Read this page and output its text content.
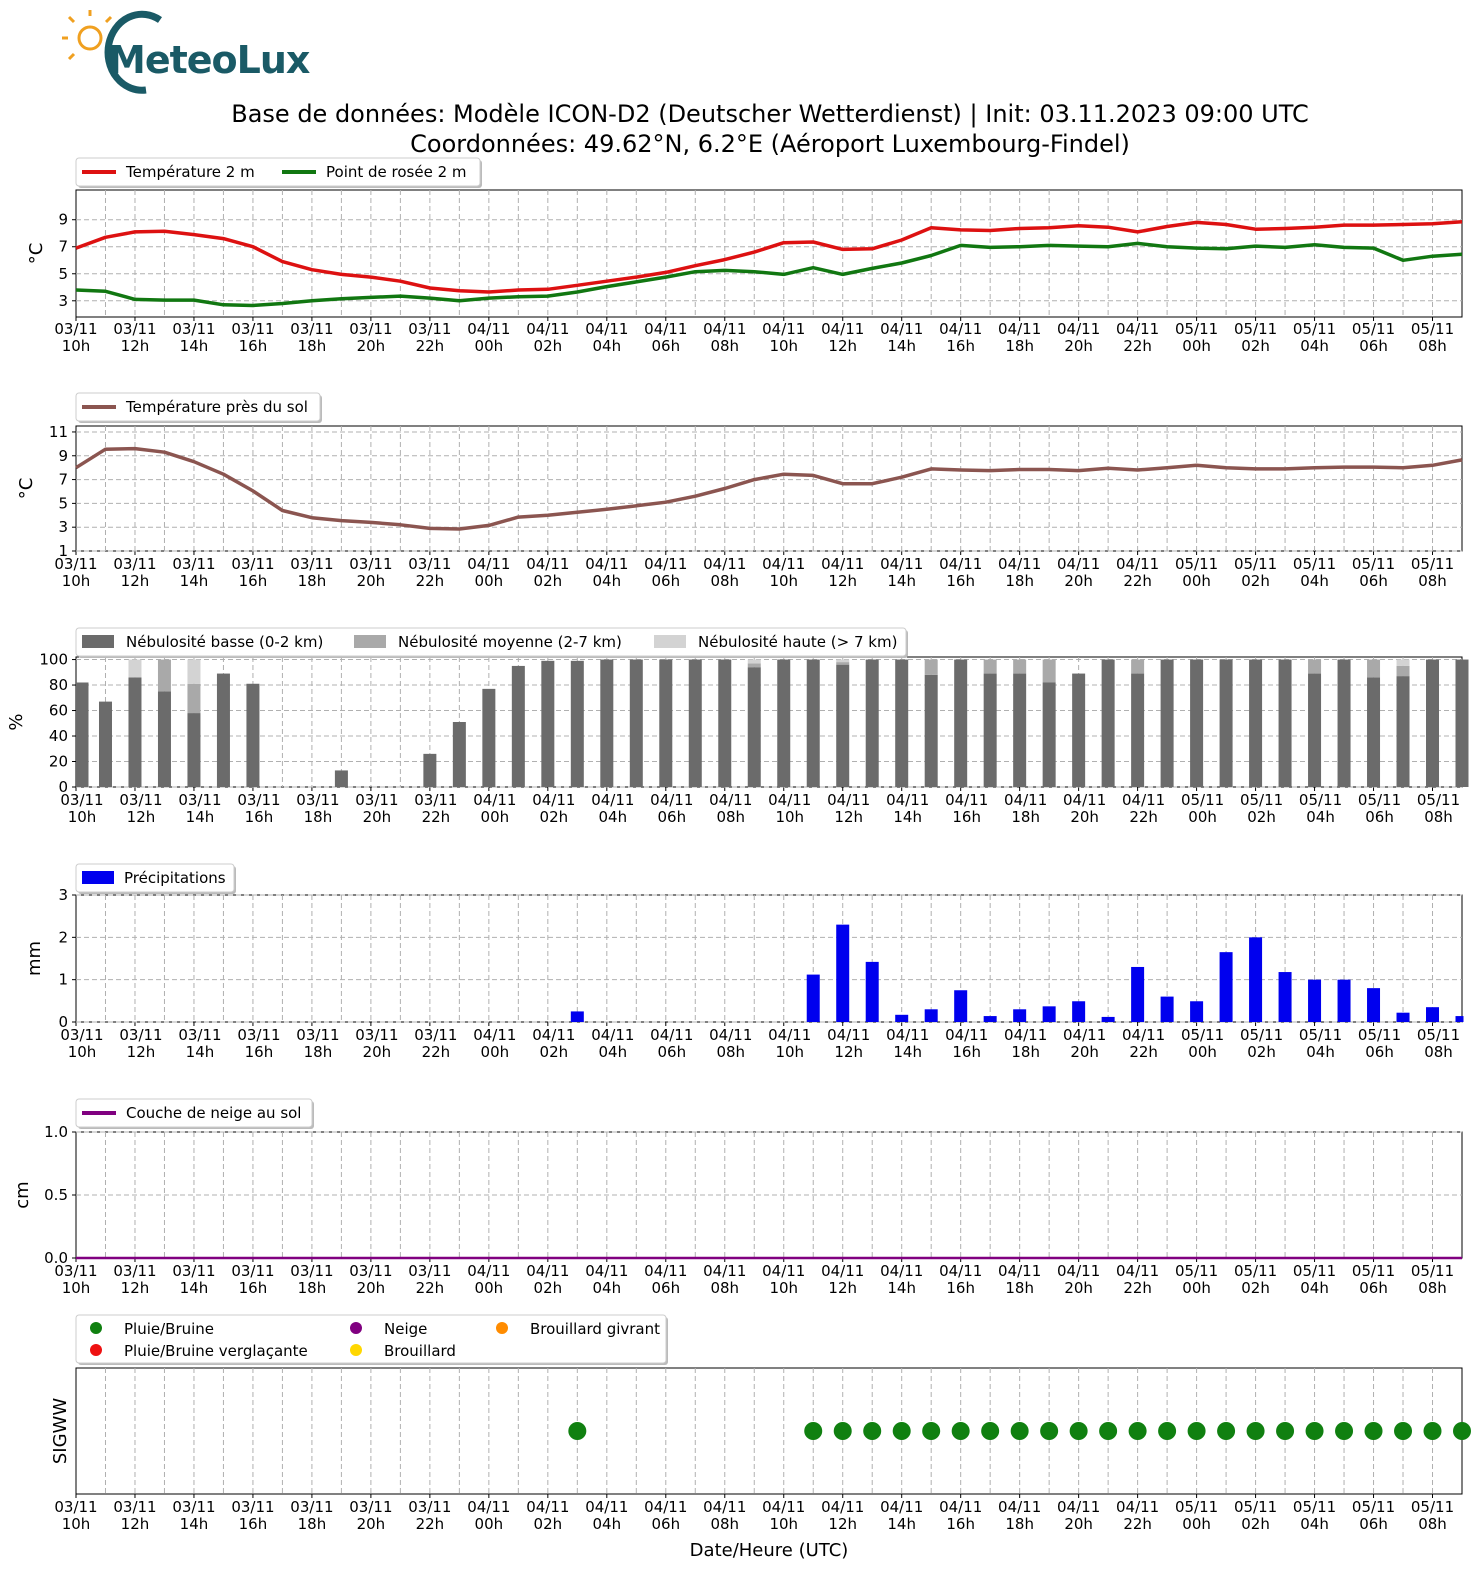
MeteoLux
Base de données: Modèle ICON-D2 (Deutscher Wetterdienst) | Init: 03.11.2023 09:00 UTC
Coordonnées: 49.62°N, 6.2°E (Aéroport Luxembourg-Findel)
03/11 10h
03/11 12h
03/11 14h
03/11 16h
03/11 18h
03/11 20h
03/11 22h
04/11 00h
04/11 02h
04/11 04h
04/11 06h
04/11 08h
04/11 10h
04/11 12h
04/11 14h
04/11 16h
04/11 18h
04/11 20h
04/11 22h
05/11 00h
05/11 02h
05/11 04h
05/11 06h
05/11 08h
3
5
7
9
°C
Température 2 m	Point de rosée 2 m
03/11 10h
03/11 12h
03/11 14h
03/11 16h
03/11 18h
03/11 20h
03/11 22h
04/11 00h
04/11 02h
04/11 04h
04/11 06h
04/11 08h
04/11 10h
04/11 12h
04/11 14h
04/11 16h
04/11 18h
04/11 20h
04/11 22h
05/11 00h
05/11 02h
05/11 04h
05/11 06h
05/11 08h
1
3
5
7
9
11
°C
Température près du sol
03/11 10h
03/11 12h
03/11 14h
03/11 16h
03/11 18h
03/11 20h
03/11 22h
04/11 00h
04/11 02h
04/11 04h
04/11 06h
04/11 08h
04/11 10h
04/11 12h
04/11 14h
04/11 16h
04/11 18h
04/11 20h
04/11 22h
05/11 00h
05/11 02h
05/11 04h
05/11 06h
05/11 08h
0.0
0.5
1.0
cm
Couche de neige au sol
03/11 10h
03/11 12h
03/11 14h
03/11 16h
03/11 18h
03/11 20h
03/11 22h
04/11 00h
04/11 02h
04/11 04h
04/11 06h
04/11 08h
04/11 10h
04/11 12h
04/11 14h
04/11 16h
04/11 18h
04/11 20h
04/11 22h
05/11 00h
05/11 02h
05/11 04h
05/11 06h
05/11 08h
0
20
40
60
80
100
%
Nébulosité basse (0-2 km)	Nébulosité moyenne (2-7 km)	Nébulosité haute (> 7 km)
03/11 10h
03/11 12h
03/11 14h
03/11 16h
03/11 18h
03/11 20h
03/11 22h
04/11 00h
04/11 02h
04/11 04h
04/11 06h
04/11 08h
04/11 10h
04/11 12h
04/11 14h
04/11 16h
04/11 18h
04/11 20h
04/11 22h
05/11 00h
05/11 02h
05/11 04h
05/11 06h
05/11 08h
0
1
2
3
mm
Précipitations
03/11 10h
03/11 12h
03/11 14h
03/11 16h
03/11 18h
03/11 20h
03/11 22h
04/11 00h
04/11 02h
04/11 04h
04/11 06h
04/11 08h
04/11 10h
04/11 12h
04/11 14h
04/11 16h
04/11 18h
04/11 20h
04/11 22h
05/11 00h
05/11 02h
05/11 04h
05/11 06h
05/11 08h
SIGWW
Pluie/Bruine
Pluie/Bruine verglaçante
Neige
Brouillard
Brouillard givrant
Date/Heure (UTC)
